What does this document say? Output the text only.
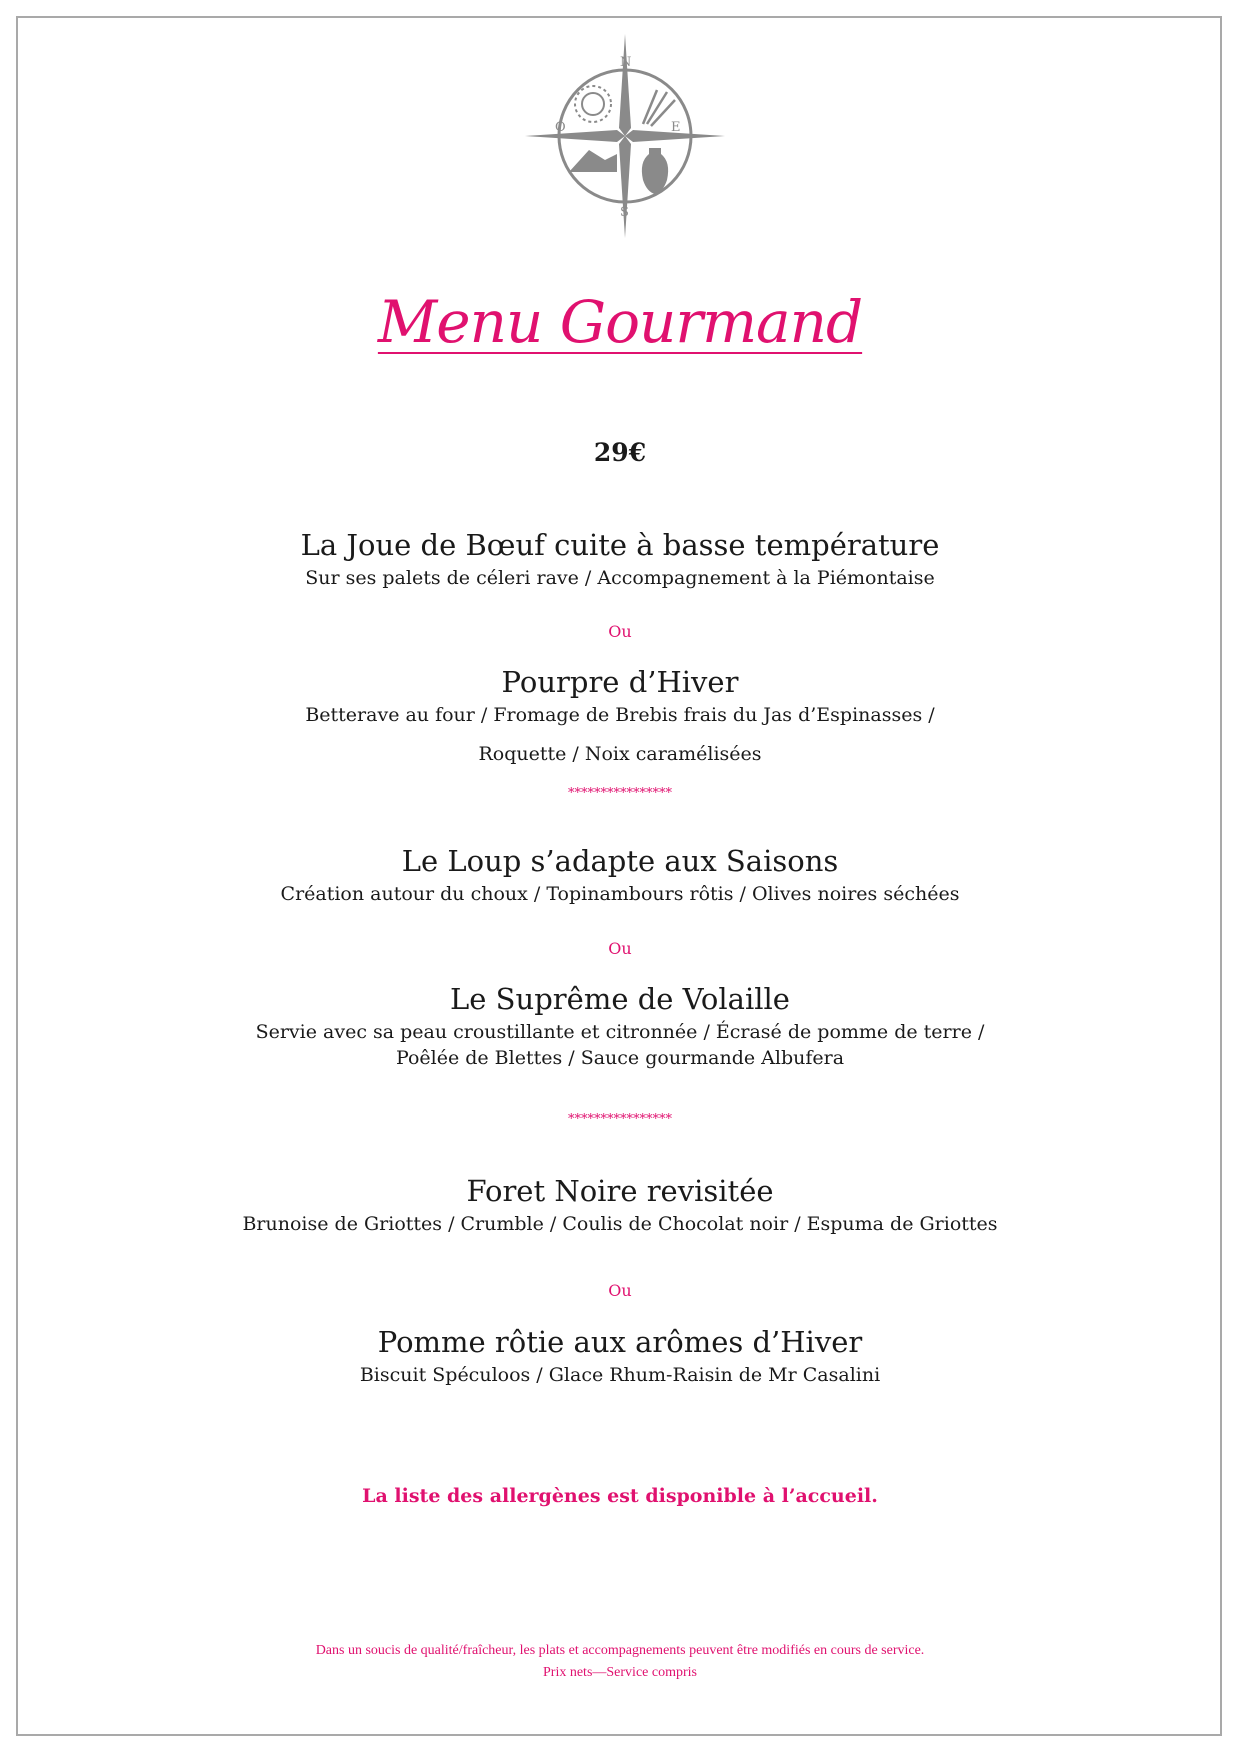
N
E
S
O
Menu Gourmand
29€
La Joue de Bœuf cuite à basse température
Sur ses palets de céleri rave / Accompagnement à la Piémontaise
Ou
Pourpre d’Hiver
Betterave au four / Fromage de Brebis frais du Jas d’Espinasses /
Roquette / Noix caramélisées
****************
Le Loup s’adapte aux Saisons
Création autour du choux / Topinambours rôtis / Olives noires séchées
Ou
Le Suprême de Volaille
Servie avec sa peau croustillante et citronnée / Écrasé de pomme de terre /
Poêlée de Blettes / Sauce gourmande Albufera
****************
Foret Noire revisitée
Brunoise de Griottes / Crumble / Coulis de Chocolat noir / Espuma de Griottes
Ou
Pomme rôtie aux arômes d’Hiver
Biscuit Spéculoos / Glace Rhum-Raisin de Mr Casalini
La liste des allergènes est disponible à l’accueil.
Dans un soucis de qualité/fraîcheur, les plats et accompagnements peuvent être modifiés en cours de service.
Prix nets—Service compris
